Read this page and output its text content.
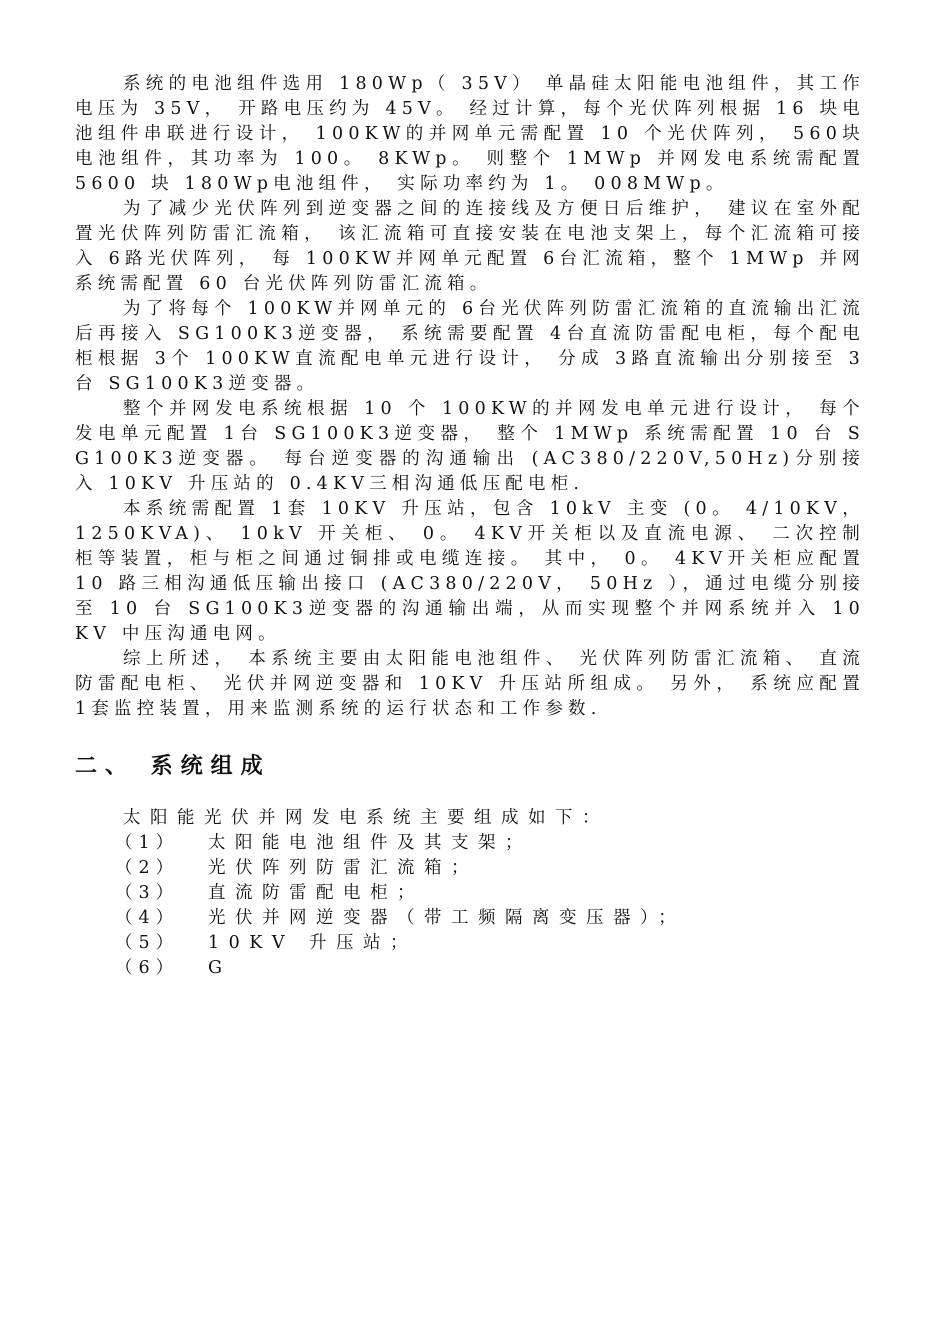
系统的电池组件选用 180Wp（ 35V） 单晶硅太阳能电池组件，其工作电压为 35V， 开路电压约为 45V。 经过计算，每个光伏阵列根据 16 块电池组件串联进行设计， 100KW的并网单元需配置 10 个光伏阵列， 560块电池组件，其功率为 100。 8KWp。 则整个 1MWp 并网发电系统需配置 5600 块 180Wp电池组件， 实际功率约为 1。 008MWp。

为了减少光伏阵列到逆变器之间的连接线及方便日后维护， 建议在室外配置光伏阵列防雷汇流箱， 该汇流箱可直接安装在电池支架上，每个汇流箱可接入 6路光伏阵列， 每 100KW并网单元配置 6台汇流箱，整个 1MWp 并网系统需配置 60 台光伏阵列防雷汇流箱。

为了将每个 100KW并网单元的 6台光伏阵列防雷汇流箱的直流输出汇流后再接入 SG100K3逆变器， 系统需要配置 4台直流防雷配电柜，每个配电柜根据 3个 100KW直流配电单元进行设计， 分成 3路直流输出分别接至 3台 SG100K3逆变器。

整个并网发电系统根据 10 个 100KW的并网发电单元进行设计， 每个发电单元配置 1台 SG100K3逆变器， 整个 1MWp 系统需配置 10 台 SG100K3逆变器。 每台逆变器的沟通输出 (AC380/220V,50Hz)分别接入 10KV 升压站的 0.4KV三相沟通低压配电柜.

本系统需配置 1套 10KV 升压站，包含 10kV 主变 (0。 4/10KV， 1250KVA)、 10kV 开关柜、 0。 4KV开关柜以及直流电源、 二次控制柜等装置，柜与柜之间通过铜排或电缆连接。 其中， 0。 4KV开关柜应配置 10 路三相沟通低压输出接口 (AC380/220V， 50Hz ），通过电缆分别接至 10 台 SG100K3逆变器的沟通输出端，从而实现整个并网系统并入 10KV 中压沟通电网。

综上所述， 本系统主要由太阳能电池组件、 光伏阵列防雷汇流箱、 直流防雷配电柜、 光伏并网逆变器和 10KV 升压站所组成。 另外， 系统应配置 1套监控装置，用来监测系统的运行状态和工作参数.

二、 系统组成
太阳能光伏并网发电系统主要组成如下：
（1）	太阳能电池组件及其支架；
（2）	光伏阵列防雷汇流箱；
（3）	直流防雷配电柜；
（4）	光伏并网逆变器（带工频隔离变压器）；
（5）	10KV 升压站；
（6）	G
